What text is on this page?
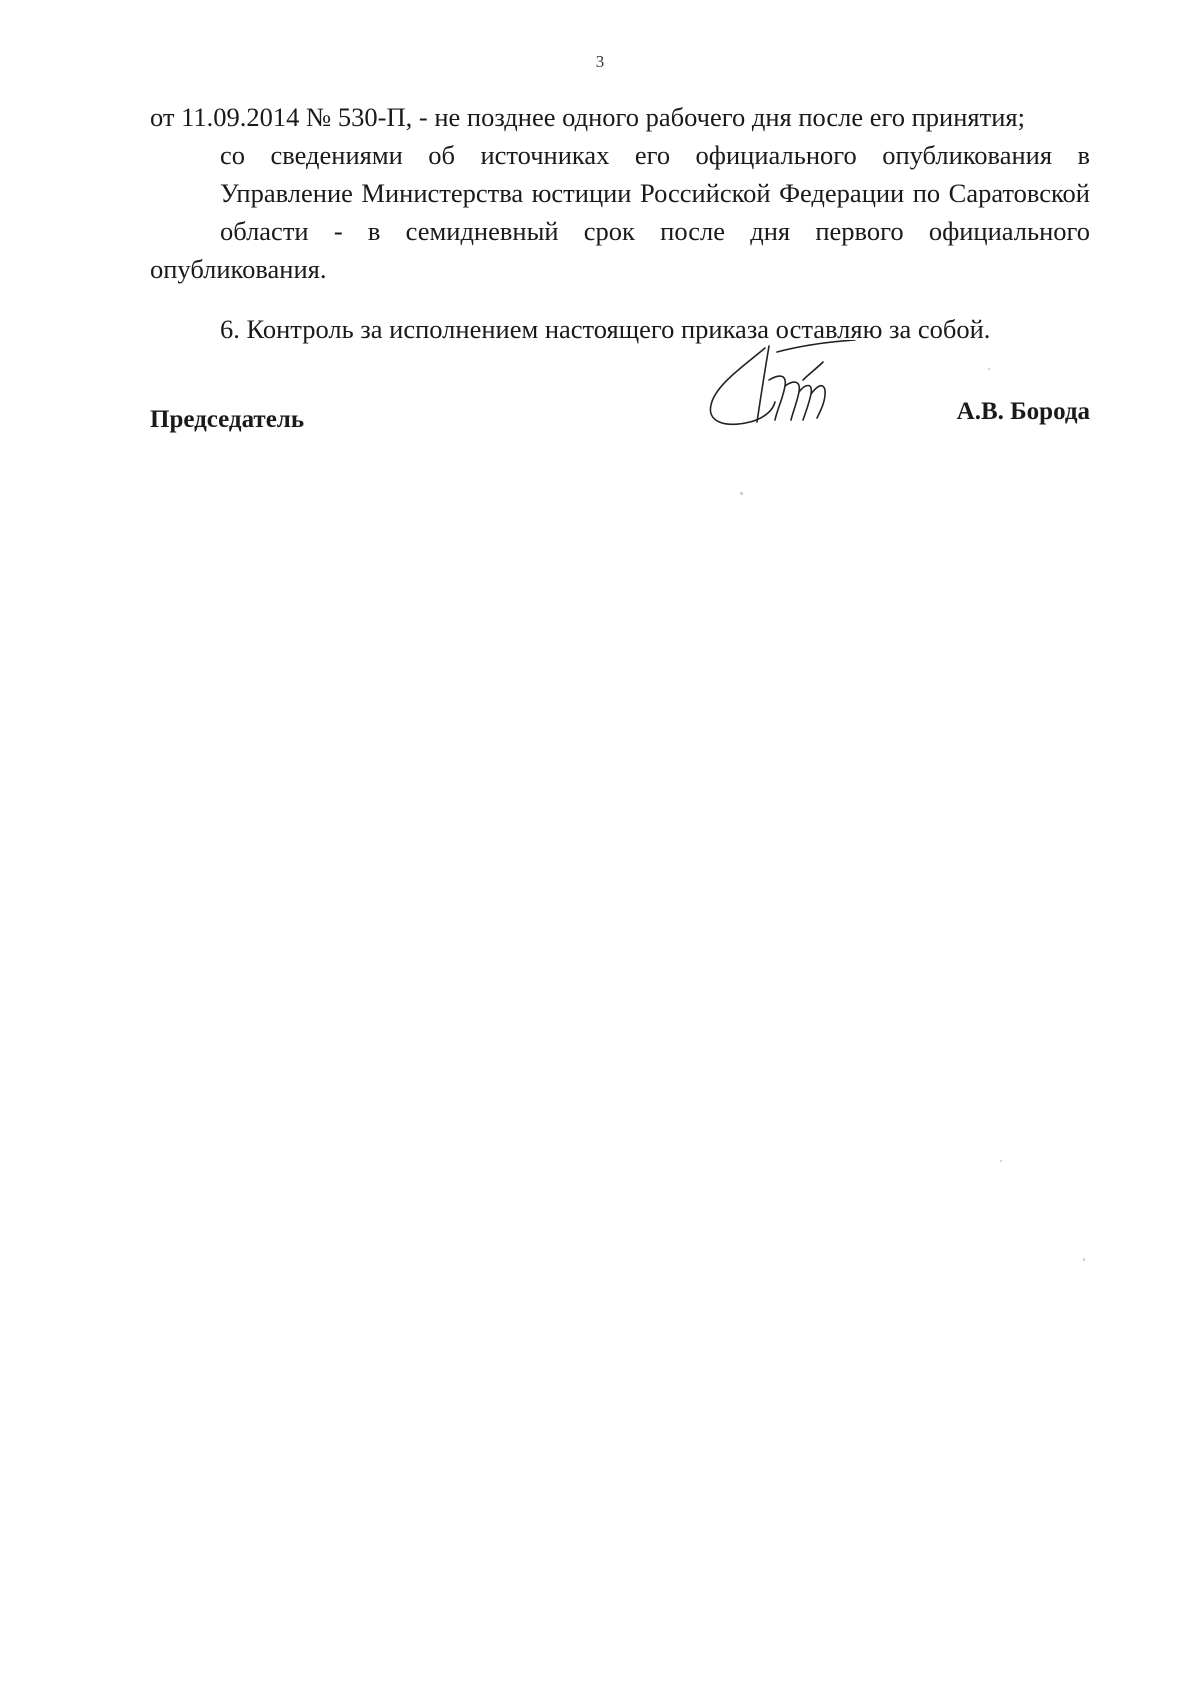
3
от 11.09.2014 № 530-П, - не позднее одного рабочего дня после его принятия;
со сведениями об источниках его официального опубликования в Управление Министерства юстиции Российской Федерации по Саратовской области - в семидневный срок после дня первого официального
опубликования.
6. Контроль за исполнением настоящего приказа оставляю за собой.
Председатель	А.В. Борода
